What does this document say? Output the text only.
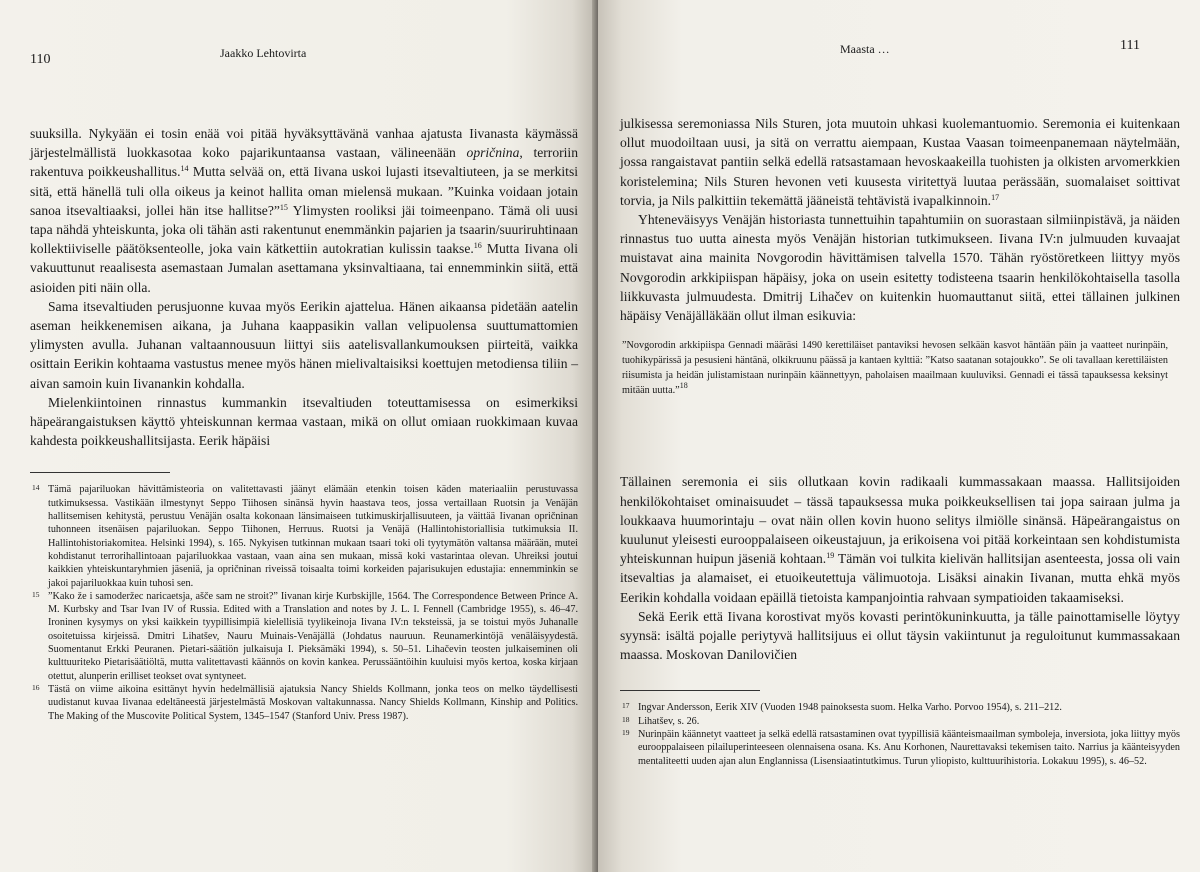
110	Jaakko Lehtovirta

suuksilla. Nykyään ei tosin enää voi pitää hyväksyttävänä vanhaa ajatusta Iivanasta käymässä järjestelmällistä luokkasotaa koko pajarikuntaansa vastaan, välineenään opričnina, terroriin rakentuva poikkeushallitus.$^{14}$ Mutta selvää on, että Iivana uskoi lujasti itsevaltiuteen, ja se merkitsi sitä, että hänellä tuli olla oikeus ja keinot hallita oman mielensä mukaan. ”Kuinka voidaan jotain sanoa itsevaltiaaksi, jollei hän itse hallitse?”$^{15}$ Ylimysten rooliksi jäi toimeenpano. Tämä oli uusi tapa nähdä yhteiskunta, joka oli tähän asti rakentunut enemmänkin pajarien ja tsaarin/suuriruhtinaan kollektiiviselle päätöksenteolle, joka vain kätkettiin autokratian kulissin taakse.$^{16}$ Mutta Iivana oli vakuuttunut reaalisesta asemastaan Jumalan asettamana yksinvaltiaana, tai ennemminkin siitä, että asioiden piti näin olla.

Sama itsevaltiuden perusjuonne kuvaa myös Eerikin ajattelua. Hänen aikaansa pidetään aatelin aseman heikkenemisen aikana, ja Juhana kaappasikin vallan velipuolensa suuttumattomien ylimysten avulla. Juhanan valtaannousuun liittyi siis aatelisvallankumouksen piirteitä, vaikka osittain Eerikin kohtaama vastustus menee myös hänen mielivaltaisiksi koettujen metodiensa tiliin – aivan samoin kuin Iivanankin kohdalla.

Mielenkiintoinen rinnastus kummankin itsevaltiuden toteuttamisessa on esimerkiksi häpeärangaistuksen käyttö yhteiskunnan kermaa vastaan, mikä on ollut omiaan ruokkimaan kuvaa kahdesta poikkeushallitsijasta. Eerik häpäisi

14 Tämä pajariluokan hävittämisteoria on valitettavasti jäänyt elämään etenkin toisen käden materiaaliin perustuvassa tutkimuksessa. Vastikään ilmestynyt Seppo Tiihosen sinänsä hyvin haastava teos, jossa vertaillaan Ruotsin ja Venäjän hallitsemisen kehitystä, perustuu Venäjän osalta kokonaan länsimaiseen tutkimuskirjallisuuteen, ja väittää Iivanan opričninan tuhonneen itsenäisen pajariluokan. Seppo Tiihonen, Herruus. Ruotsi ja Venäjä (Hallintohistoriallisia tutkimuksia II. Hallintohistoriakomitea. Helsinki 1994), s. 165. Nykyisen tutkinnan mukaan tsaari toki oli tyytymätön valtansa määrään, mutei kohdistanut terrorihallintoaan pajariluokkaa vastaan, vaan aina sen mukaan, missä koki vastarintaa olevan. Uhreiksi joutui kaikkien yhteiskuntaryhmien jäseniä, ja opričninan riveissä toisaalta toimi korkeiden pajarisukujen edustajia: ennemminkin se jakoi pajariluokkaa kuin tuhosi sen.
15 ”Kako že i samoderžec naricaetsja, ašče sam ne stroit?” Iivanan kirje Kurbskijlle, 1564. The Correspondence Between Prince A. M. Kurbsky and Tsar Ivan IV of Russia. Edited with a Translation and notes by J. L. I. Fennell (Cambridge 1955), s. 46–47. Ironinen kysymys on yksi kaikkein tyypillisimpiä kielellisiä tyylikeinoja Iivana IV:n teksteissä, ja se toistui myös Juhanalle osoitetuissa kirjeissä. Dmitri Lihatšev, Nauru Muinais-Venäjällä (Johdatus nauruun. Reunamerkintöjä venäläisyydestä. Suomentanut Erkki Peuranen. Pietari-säätiön julkaisuja I. Pieksämäki 1994), s. 50–51. Lihačevin teosten julkaiseminen oli kulttuuriteko Pietarisäätiöltä, mutta valitettavasti käännös on kovin kankea. Perussääntöihin kuuluisi myös kertoa, koska kirjaan otettut, alunperin erilliset teokset ovat syntyneet.
16 Tästä on viime aikoina esittänyt hyvin hedelmällisiä ajatuksia Nancy Shields Kollmann, jonka teos on melko täydellisesti uudistanut kuvaa Iivanaa edeltäneestä järjestelmästä Moskovan valtakunnassa. Nancy Shields Kollmann, Kinship and Politics. The Making of the Muscovite Political System, 1345–1547 (Stanford Univ. Press 1987).
Maasta …	111

julkisessa seremoniassa Nils Sturen, jota muutoin uhkasi kuolemantuomio. Seremonia ei kuitenkaan ollut muodoiltaan uusi, ja sitä on verrattu aiempaan, Kustaa Vaasan toimeenpanemaan näytelmään, jossa rangaistavat pantiin selkä edellä ratsastamaan hevoskaakeilla tuohisten ja olkisten arvomerkkien koristelemina; Nils Sturen hevonen veti kuusesta viritettyä luutaa perässään, suomalaiset soittivat torvia, ja Nils palkittiin tekemättä jääneistä tehtävistä ivapalkinnoin.$^{17}$

Yhteneväisyys Venäjän historiasta tunnettuihin tapahtumiin on suorastaan silmiinpistävä, ja näiden rinnastus tuo uutta ainesta myös Venäjän historian tutkimukseen. Iivana IV:n julmuuden kuvaajat muistavat aina mainita Novgorodin hävittämisen talvella 1570. Tähän ryöstöretkeen liittyy myös Novgorodin arkkipiispan häpäisy, joka on usein esitetty todisteena tsaarin henkilökohtaisella tasolla liikkuvasta julmuudesta. Dmitrij Lihačev on kuitenkin huomauttanut siitä, ettei tällainen julkinen häpäisy Venäjälläkään ollut ilman esikuvia:

”Novgorodin arkkipiispa Gennadi määräsi 1490 kerettiläiset pantaviksi hevosen selkään kasvot häntään päin ja vaatteet nurinpäin, tuohikypärissä ja pesusieni häntänä, olkikruunu päässä ja kantaen kylttiä: ”Katso saatanan sotajoukko”. Se oli tavallaan kerettiläisten riisumista ja heidän julistamistaan nurinpäin käännettyyn, paholaisen maailmaan kuuluviksi. Gennadi ei tässä tapauksessa keksinyt mitään uutta.”$^{18}$

Tällainen seremonia ei siis ollutkaan kovin radikaali kummassakaan maassa. Hallitsijoiden henkilökohtaiset ominaisuudet – tässä tapauksessa muka poikkeuksellisen tai jopa sairaan julma ja loukkaava huumorintaju – ovat näin ollen kovin huono selitys ilmiölle sinänsä. Häpeärangaistus on kuulunut yleisesti eurooppalaiseen oikeustajuun, ja erikoisena voi pitää korkeintaan sen kohdistumista yhteiskunnan huipun jäseniä kohtaan.$^{19}$ Tämän voi tulkita kielivän hallitsijan asenteesta, jossa oli vain itsevaltias ja alamaiset, ei etuoikeutettuja välimuotoja. Lisäksi ainakin Iivanan, mutta ehkä myös Eerikin kohdalla voidaan epäillä tietoista kampanjointia rahvaan sympatioiden takaamiseksi.

Sekä Eerik että Iivana korostivat myös kovasti perintökuninkuutta, ja tälle painottamiselle löytyy syynsä: isältä pojalle periytyvä hallitsijuus ei ollut täysin vakiintunut ja reguloitunut kummassakaan maassa. Moskovan Danilovičien

17 Ingvar Andersson, Eerik XIV (Vuoden 1948 painoksesta suom. Helka Varho. Porvoo 1954), s. 211–212.
18 Lihatšev, s. 26.
19 Nurinpäin käännetyt vaatteet ja selkä edellä ratsastaminen ovat tyypillisiä käänteismaailman symboleja, inversiota, joka liittyy myös eurooppalaiseen pilailuperinteeseen olennaisena osana. Ks. Anu Korhonen, Naurettavaksi tekemisen taito. Narrius ja käänteisyyden mentaliteetti uuden ajan alun Englannissa (Lisensiaatintutkimus. Turun yliopisto, kulttuurihistoria. Lokakuu 1995), s. 46–52.
